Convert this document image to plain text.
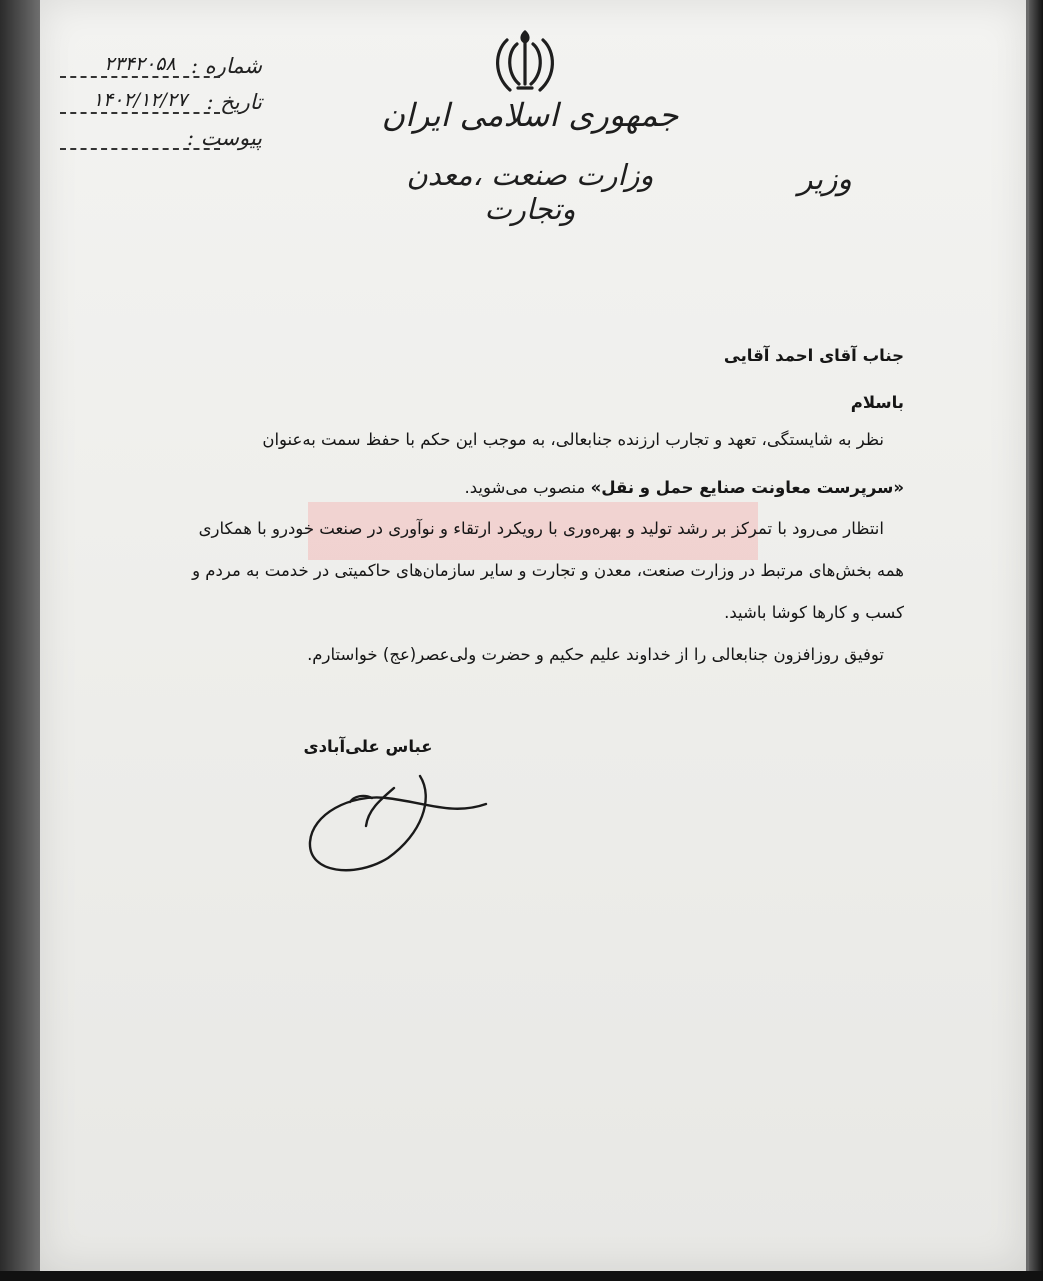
شماره :
۲۳۴۲۰۵۸
تاریخ :
۱۴۰۲/۱۲/۲۷
پیوست :
جمهوری اسلامی ایران
وزارت صنعت ،معدن وتجارت
وزیر
جناب آقای احمد آقایی
باسلام
نظر به شایستگی، تعهد و تجارب ارزنده جنابعالی، به موجب این حکم با حفظ سمت به‌عنوان
«سرپرست معاونت صنایع حمل و نقل» منصوب می‌شوید.
انتظار می‌رود با تمرکز بر رشد تولید و بهره‌وری با رویکرد ارتقاء و نوآوری در صنعت خودرو با همکاری
همه بخش‌های مرتبط در وزارت صنعت، معدن و تجارت و سایر سازمان‌های حاکمیتی در خدمت به مردم و
کسب و کارها کوشا باشید.
توفیق روزافزون جنابعالی را از خداوند علیم حکیم و حضرت ولی‌عصر(عج) خواستارم.
عباس علی‌آبادی
